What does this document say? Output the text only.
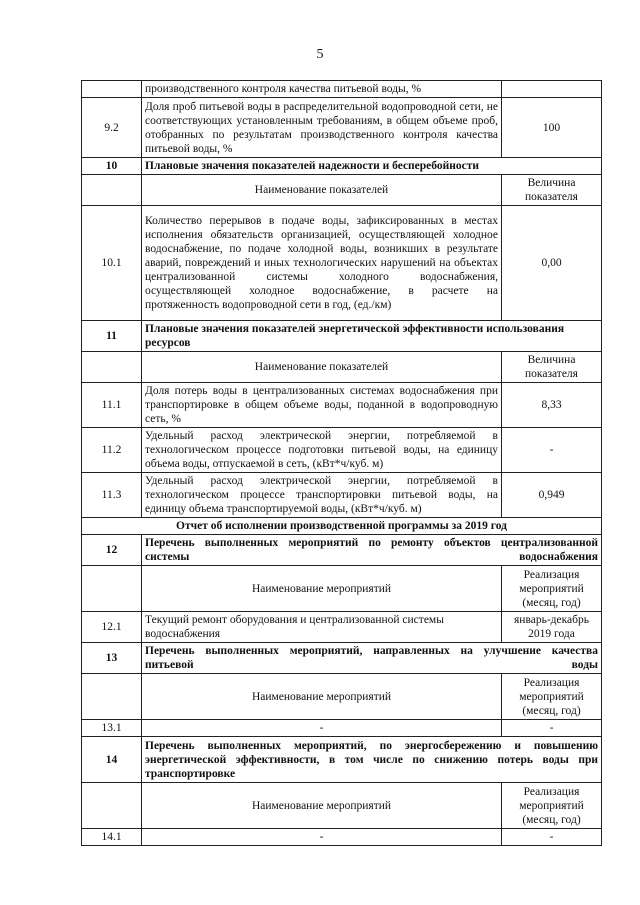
5
	производственного контроля качества питьевой воды, %	
9.2	Доля проб питьевой воды в распределительной водопроводной сети, не соответствующих установленным требованиям, в общем объеме проб, отобранных по результатам производственного контроля качества питьевой воды, %	100
10	Плановые значения показателей надежности и бесперебойности	
	Наименование показателей	Величина показателя
10.1	Количество перерывов в подаче воды, зафиксированных в местах исполнения обязательств организацией, осуществляющей холодное водоснабжение, по подаче холодной воды, возникших в результате аварий, повреждений и иных технологических нарушений на объектах централизованной системы холодного водоснабжения, осуществляющей холодное водоснабжение, в расчете на протяженность водопроводной сети в год, (ед./км)	0,00
11	Плановые значения показателей энергетической эффективности использования ресурсов	
	Наименование показателей	Величина показателя
11.1	Доля потерь воды в централизованных системах водоснабжения при транспортировке в общем объеме воды, поданной в водопроводную сеть, %	8,33
11.2	Удельный расход электрической энергии, потребляемой в технологическом процессе подготовки питьевой воды, на единицу объема воды, отпускаемой в сеть, (кВт*ч/куб. м)	-
11.3	Удельный расход электрической энергии, потребляемой в технологическом процессе транспортировки питьевой воды, на единицу объема транспортируемой воды, (кВт*ч/куб. м)	0,949
Отчет об исполнении производственной программы за 2019 год		
12	Перечень выполненных мероприятий по ремонту объектов централизованной системы водоснабжения	
	Наименование мероприятий	Реализация мероприятий (месяц, год)
12.1	Текущий ремонт оборудования и централизованной системы водоснабжения	январь-декабрь 2019 года
13	Перечень выполненных мероприятий, направленных на улучшение качества питьевой воды	
	Наименование мероприятий	Реализация мероприятий (месяц, год)
13.1	-	-
14	Перечень выполненных мероприятий, по энергосбережению и повышению энергетической эффективности, в том числе по снижению потерь воды при транспортировке	
	Наименование мероприятий	Реализация мероприятий (месяц, год)
14.1	-	-
